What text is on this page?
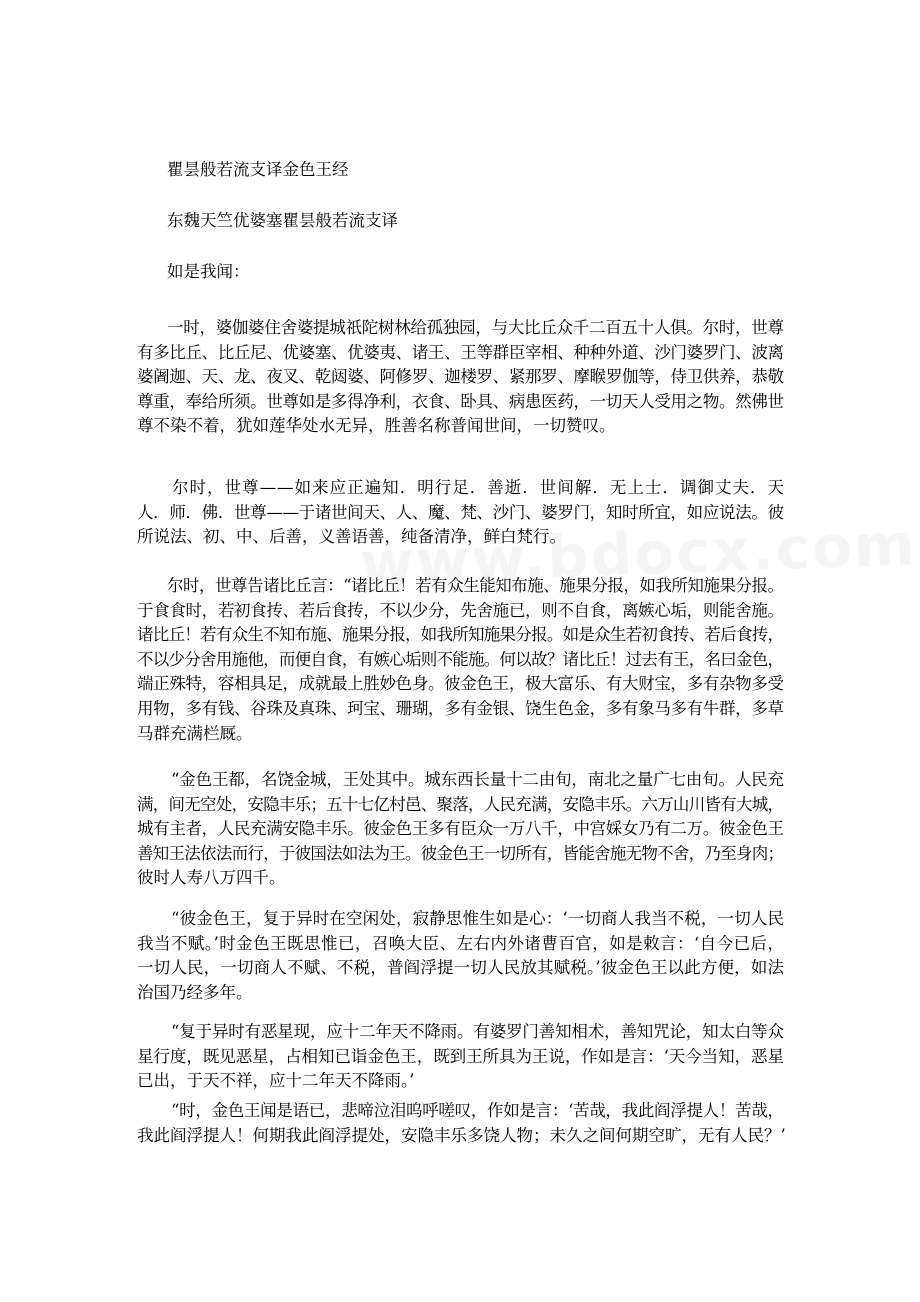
瞿昙般若流支译金色王经
东魏天竺优婆塞瞿昙般若流支译
如是我闻：
一时，婆伽婆住舍婆提城祇陀树林给孤独园，与大比丘众千二百五十人俱。尔时，世尊
有多比丘、比丘尼、优婆塞、优婆夷、诸王、王等群臣宰相、种种外道、沙门婆罗门、波离
婆阇迦、天、龙、夜叉、乾闼婆、阿修罗、迦楼罗、紧那罗、摩睺罗伽等，侍卫供养，恭敬
尊重，奉给所须。世尊如是多得净利，衣食、卧具、病患医药，一切天人受用之物。然佛世
尊不染不着，犹如莲华处水无异，胜善名称普闻世间，一切赞叹。
尔时，世尊——如来应正遍知．明行足．善逝．世间解．无上士．调御丈夫．天
人．师．佛．世尊——于诸世间天、人、魔、梵、沙门、婆罗门，知时所宜，如应说法。彼
所说法、初、中、后善，义善语善，纯备清净，鲜白梵行。
尔时，世尊告诸比丘言：“诸比丘！若有众生能知布施、施果分报，如我所知施果分报。
于食食时，若初食抟、若后食抟，不以少分，先舍施已，则不自食，离嫉心垢，则能舍施。
诸比丘！若有众生不知布施、施果分报，如我所知施果分报。如是众生若初食抟、若后食抟，
不以少分舍用施他，而便自食，有嫉心垢则不能施。何以故？诸比丘！过去有王，名曰金色，
端正殊特，容相具足，成就最上胜妙色身。彼金色王，极大富乐、有大财宝，多有杂物多受
用物，多有钱、谷珠及真珠、珂宝、珊瑚，多有金银、饶生色金，多有象马多有牛群，多草
马群充满栏厩。
“金色王都，名饶金城，王处其中。城东西长量十二由旬，南北之量广七由旬。人民充
满，间无空处，安隐丰乐；五十七亿村邑、聚落，人民充满，安隐丰乐。六万山川皆有大城，
城有主者，人民充满安隐丰乐。彼金色王多有臣众一万八千，中宫婇女乃有二万。彼金色王
善知王法依法而行，于彼国法如法为王。彼金色王一切所有，皆能舍施无物不舍，乃至身肉；
彼时人寿八万四千。
“彼金色王，复于异时在空闲处，寂静思惟生如是心：‘一切商人我当不税，一切人民
我当不赋。’时金色王既思惟已，召唤大臣、左右内外诸曹百官，如是敕言：‘自今已后，
一切人民，一切商人不赋、不税，普阎浮提一切人民放其赋税。’彼金色王以此方便，如法
治国乃经多年。
“复于异时有恶星现，应十二年天不降雨。有婆罗门善知相术，善知咒论，知太白等众
星行度，既见恶星，占相知已诣金色王，既到王所具为王说，作如是言：‘天今当知，恶星
已出，于天不祥，应十二年天不降雨。’
“时，金色王闻是语已，悲啼泣泪呜呼嗟叹，作如是言：‘苦哉，我此阎浮提人！苦哉，
我此阎浮提人！何期我此阎浮提处，安隐丰乐多饶人物；未久之间何期空旷，无有人民？’
